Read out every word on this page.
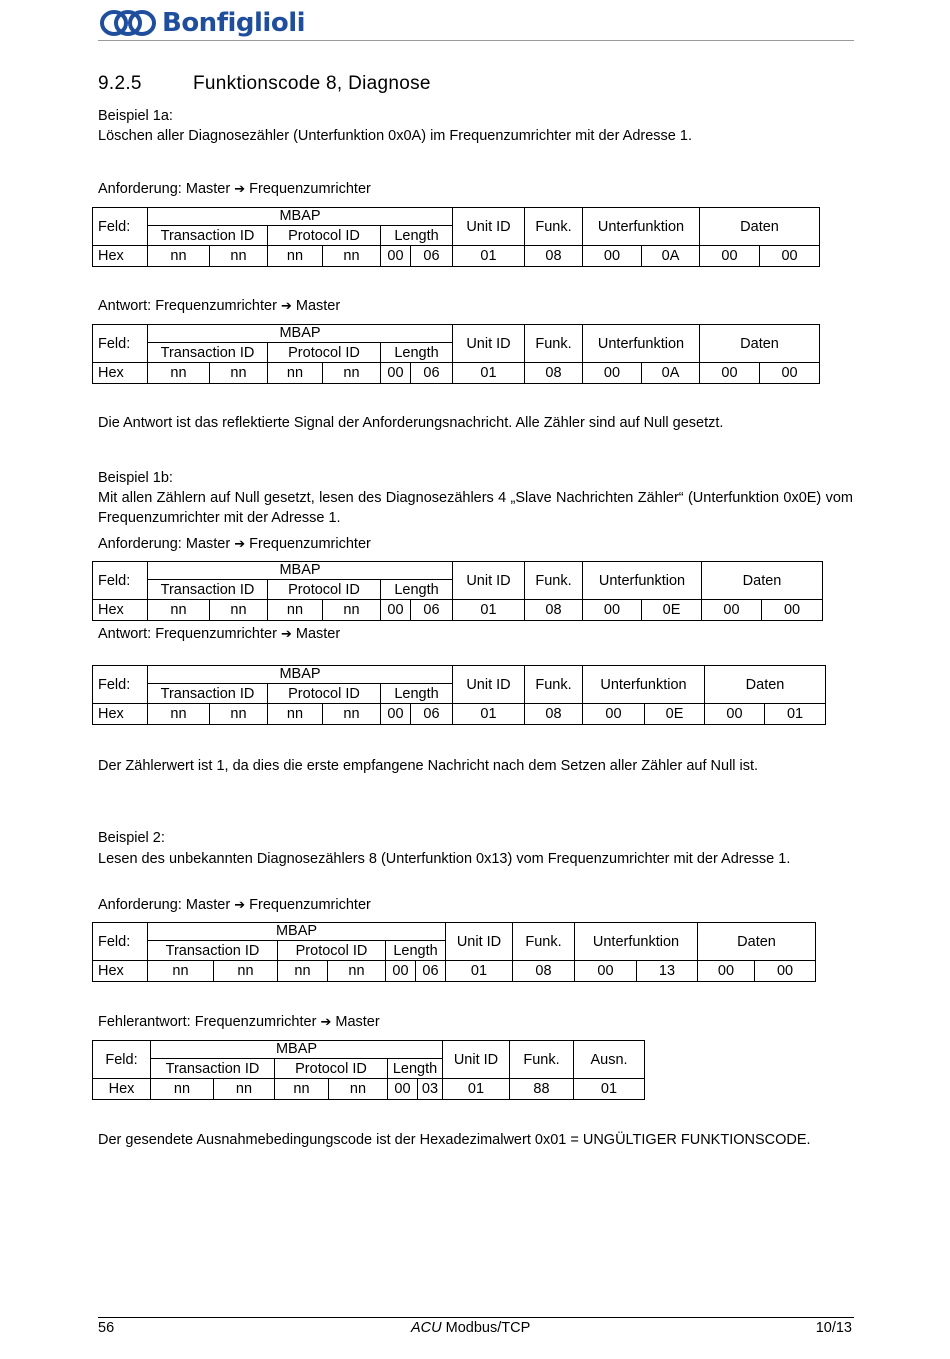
Bonfiglioli
9.2.5	Funktionscode 8, Diagnose
Beispiel 1a:
Löschen aller Diagnosezähler (Unterfunktion 0x0A) im Frequenzumrichter mit der Adresse 1.
Anforderung: Master ➔ Frequenzumrichter
Feld:	MBAP						Unit ID	Funk.	Unterfunktion		Daten	
	Transaction ID		Protocol ID		Length							
Hex	nn	nn	nn	nn	00	06	01	08	00	0A	00	00
Antwort: Frequenzumrichter ➔ Master
Feld:	MBAP						Unit ID	Funk.	Unterfunktion		Daten	
	Transaction ID		Protocol ID		Length							
Hex	nn	nn	nn	nn	00	06	01	08	00	0A	00	00
Die Antwort ist das reflektierte Signal der Anforderungsnachricht. Alle Zähler sind auf Null gesetzt.
Beispiel 1b:
Mit allen Zählern auf Null gesetzt, lesen des Diagnosezählers 4 „Slave Nachrichten Zähler“ (Unterfunktion 0x0E) vom Frequenzumrichter mit der Adresse 1.
Anforderung: Master ➔ Frequenzumrichter
Feld:	MBAP						Unit ID	Funk.	Unterfunktion		Daten	
	Transaction ID		Protocol ID		Length							
Hex	nn	nn	nn	nn	00	06	01	08	00	0E	00	00
Antwort: Frequenzumrichter ➔ Master
Feld:	MBAP						Unit ID	Funk.	Unterfunktion		Daten	
	Transaction ID		Protocol ID		Length							
Hex	nn	nn	nn	nn	00	06	01	08	00	0E	00	01
Der Zählerwert ist 1, da dies die erste empfangene Nachricht nach dem Setzen aller Zähler auf Null ist.
Beispiel 2:
Lesen des unbekannten Diagnosezählers 8 (Unterfunktion 0x13) vom Frequenzumrichter mit der Adresse 1.
Anforderung: Master ➔ Frequenzumrichter
Feld:	MBAP						Unit ID	Funk.	Unterfunktion		Daten	
	Transaction ID		Protocol ID		Length							
Hex	nn	nn	nn	nn	00	06	01	08	00	13	00	00
Fehlerantwort: Frequenzumrichter ➔ Master
Feld:	MBAP						Unit ID	Funk.	Ausn.
	Transaction ID		Protocol ID		Length				
Hex	nn	nn	nn	nn	00	03	01	88	01
Der gesendete Ausnahmebedingungscode ist der Hexadezimalwert 0x01 = UNGÜLTIGER FUNKTIONSCODE.
56	ACU Modbus/TCP	10/13
